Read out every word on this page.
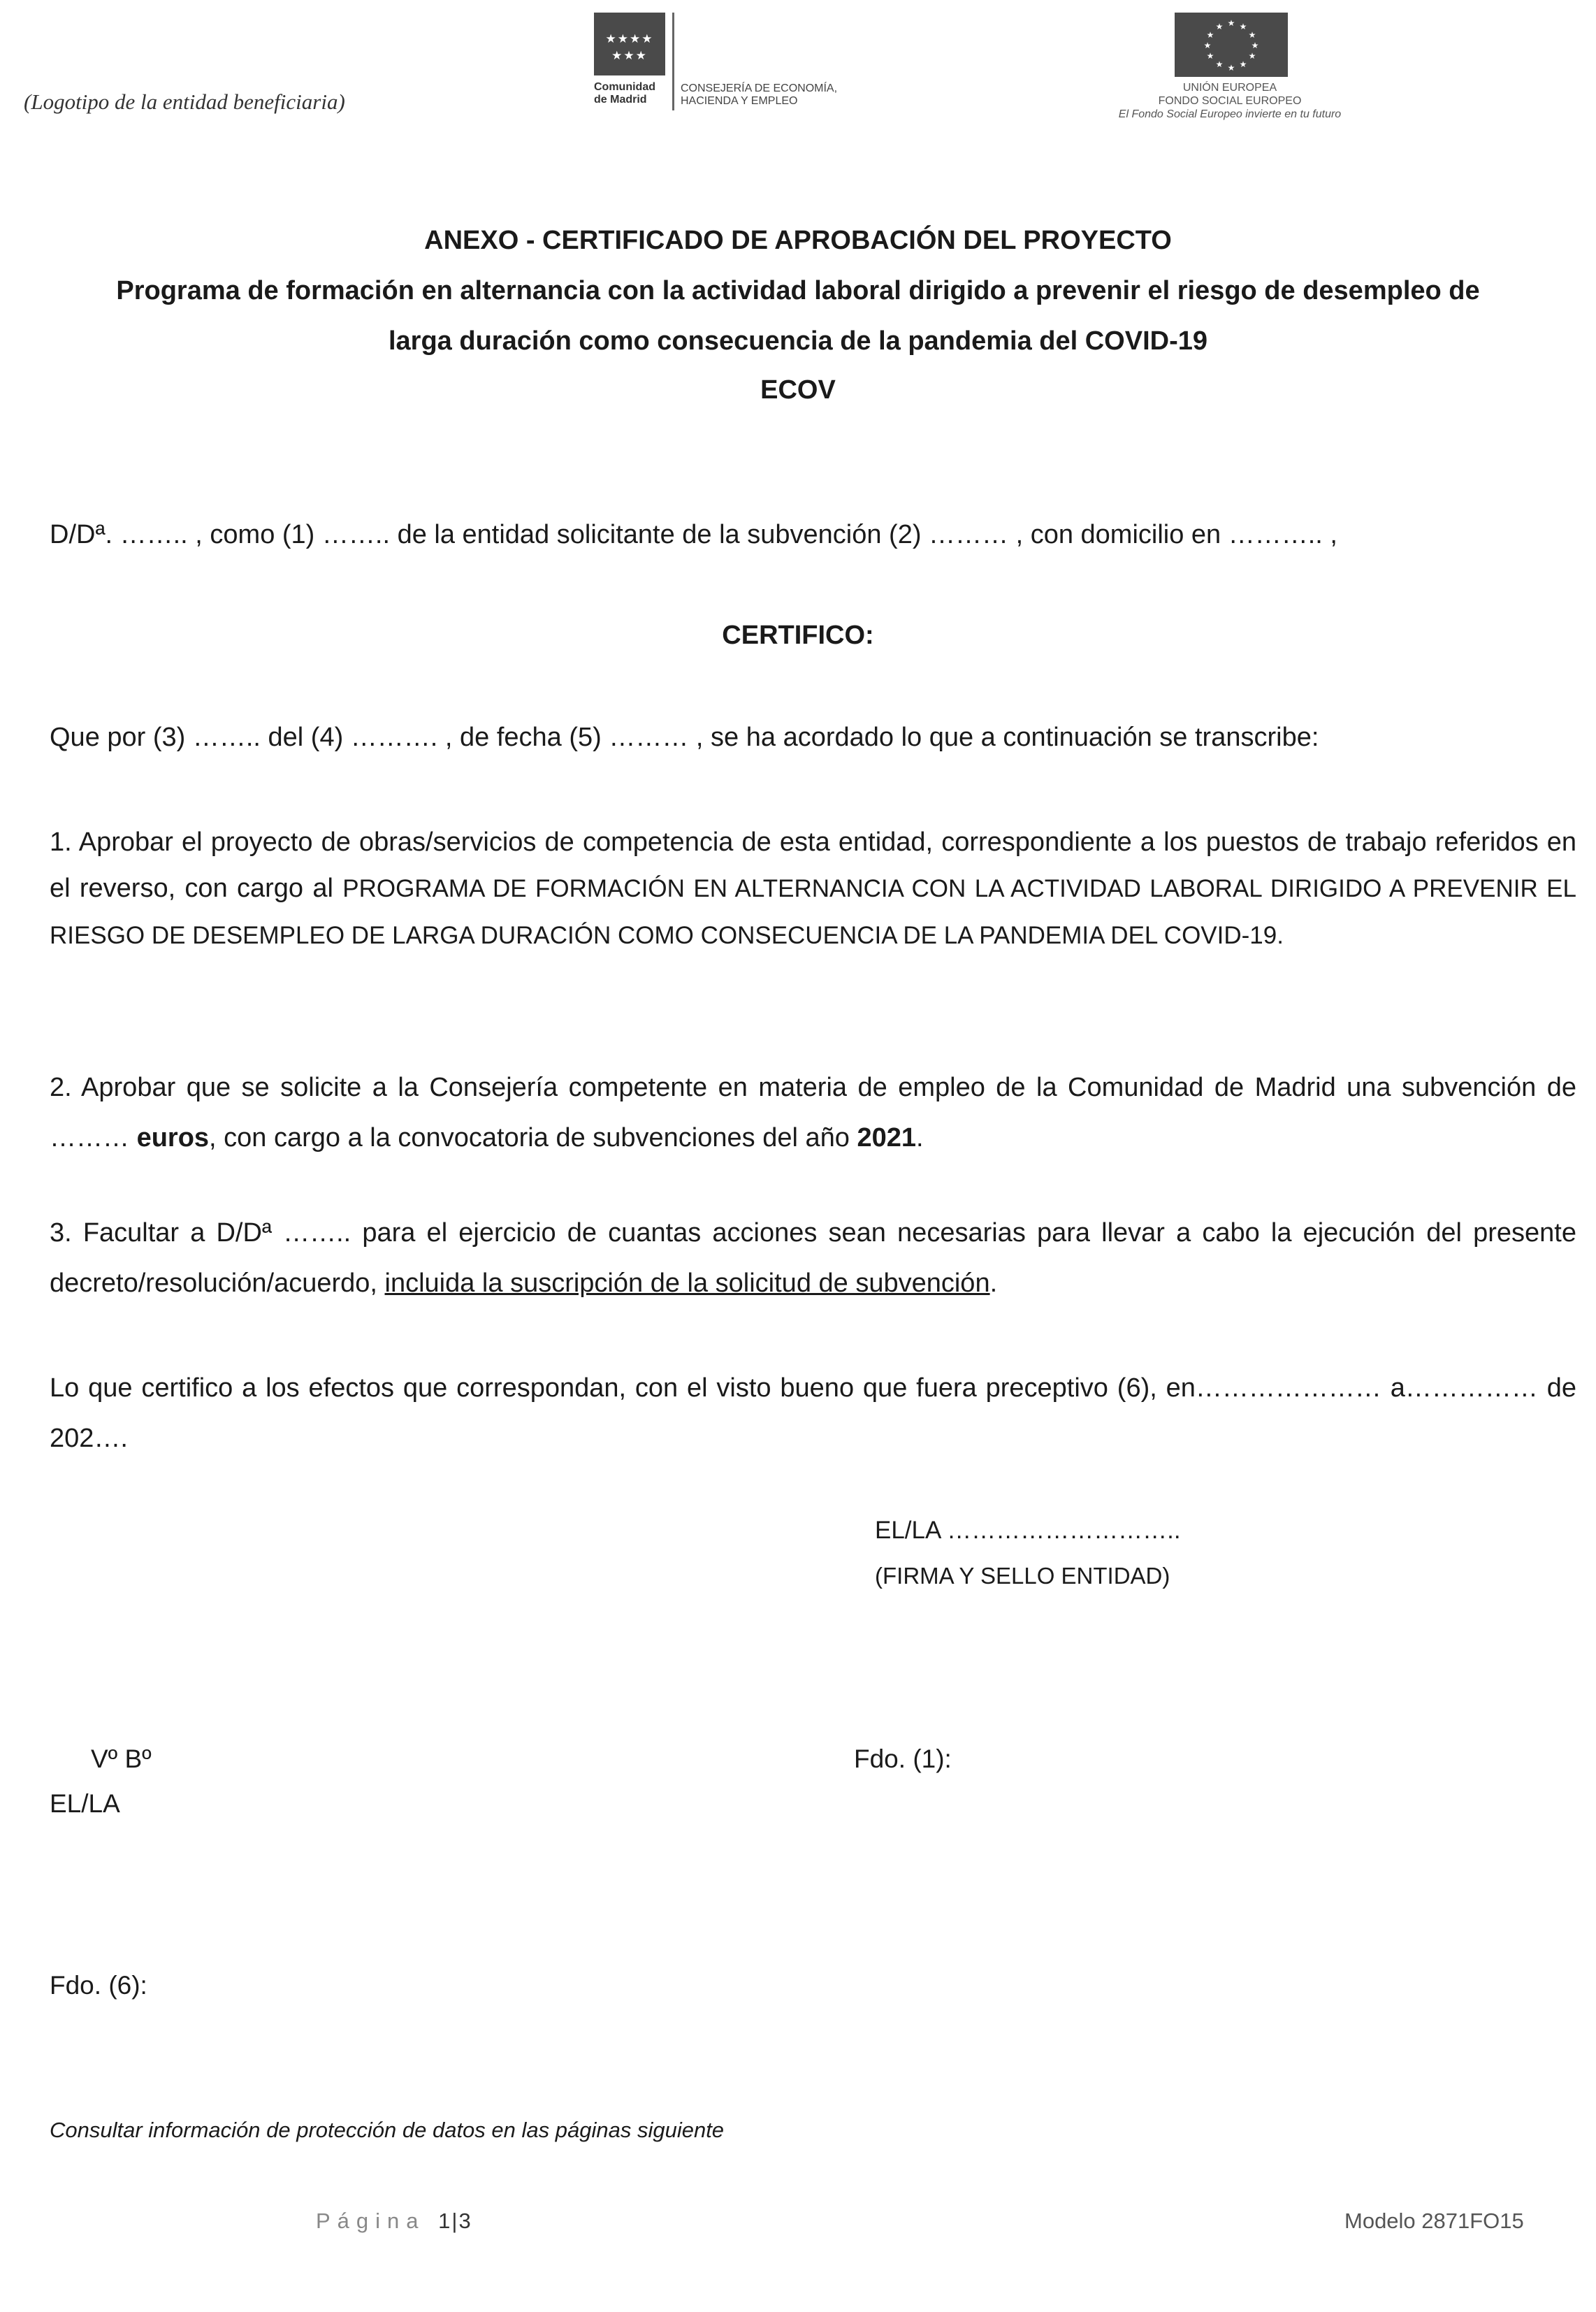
(Logotipo de la entidad beneficiaria)
★★★★
★★★
Comunidad
de Madrid
CONSEJERÍA DE ECONOMÍA,
HACIENDA Y EMPLEO
★ ★
★
★
★
★
★
★
★
★
★
★
UNIÓN EUROPEA
FONDO SOCIAL EUROPEO
El Fondo Social Europeo invierte en tu futuro
ANEXO - CERTIFICADO DE APROBACIÓN DEL PROYECTO
Programa de formación en alternancia con la actividad laboral dirigido a prevenir el riesgo de desempleo de
larga duración como consecuencia de la pandemia del COVID-19
ECOV
D/Dª. …….. , como (1) …….. de la entidad solicitante de la subvención (2) ……… , con domicilio en ……….. ,
CERTIFICO:
Que por (3) …….. del (4) ………. , de fecha (5) ……… , se ha acordado lo que a continuación se transcribe:
1. Aprobar el proyecto de obras/servicios de competencia de esta entidad, correspondiente a los puestos de trabajo referidos en el reverso, con cargo al PROGRAMA DE FORMACIÓN EN ALTERNANCIA CON LA ACTIVIDAD LABORAL DIRIGIDO A PREVENIR EL RIESGO DE DESEMPLEO DE LARGA DURACIÓN COMO CONSECUENCIA DE LA PANDEMIA DEL COVID-19.
2. Aprobar que se solicite a la Consejería competente en materia de empleo de la Comunidad de Madrid una subvención de ……… euros, con cargo a la convocatoria de subvenciones del año 2021.
3. Facultar a D/Dª …….. para el ejercicio de cuantas acciones sean necesarias para llevar a cabo la ejecución del presente decreto/resolución/acuerdo, incluida la suscripción de la solicitud de subvención.
Lo que certifico a los efectos que correspondan, con el visto bueno que fuera preceptivo (6), en………………… a…………… de 202….
EL/LA ………………………..
(FIRMA Y SELLO ENTIDAD)
Vº Bº
EL/LA
Fdo. (1):
Fdo. (6):
Consultar información de protección de datos en las páginas siguiente
Página 1|3	Modelo 2871FO15
